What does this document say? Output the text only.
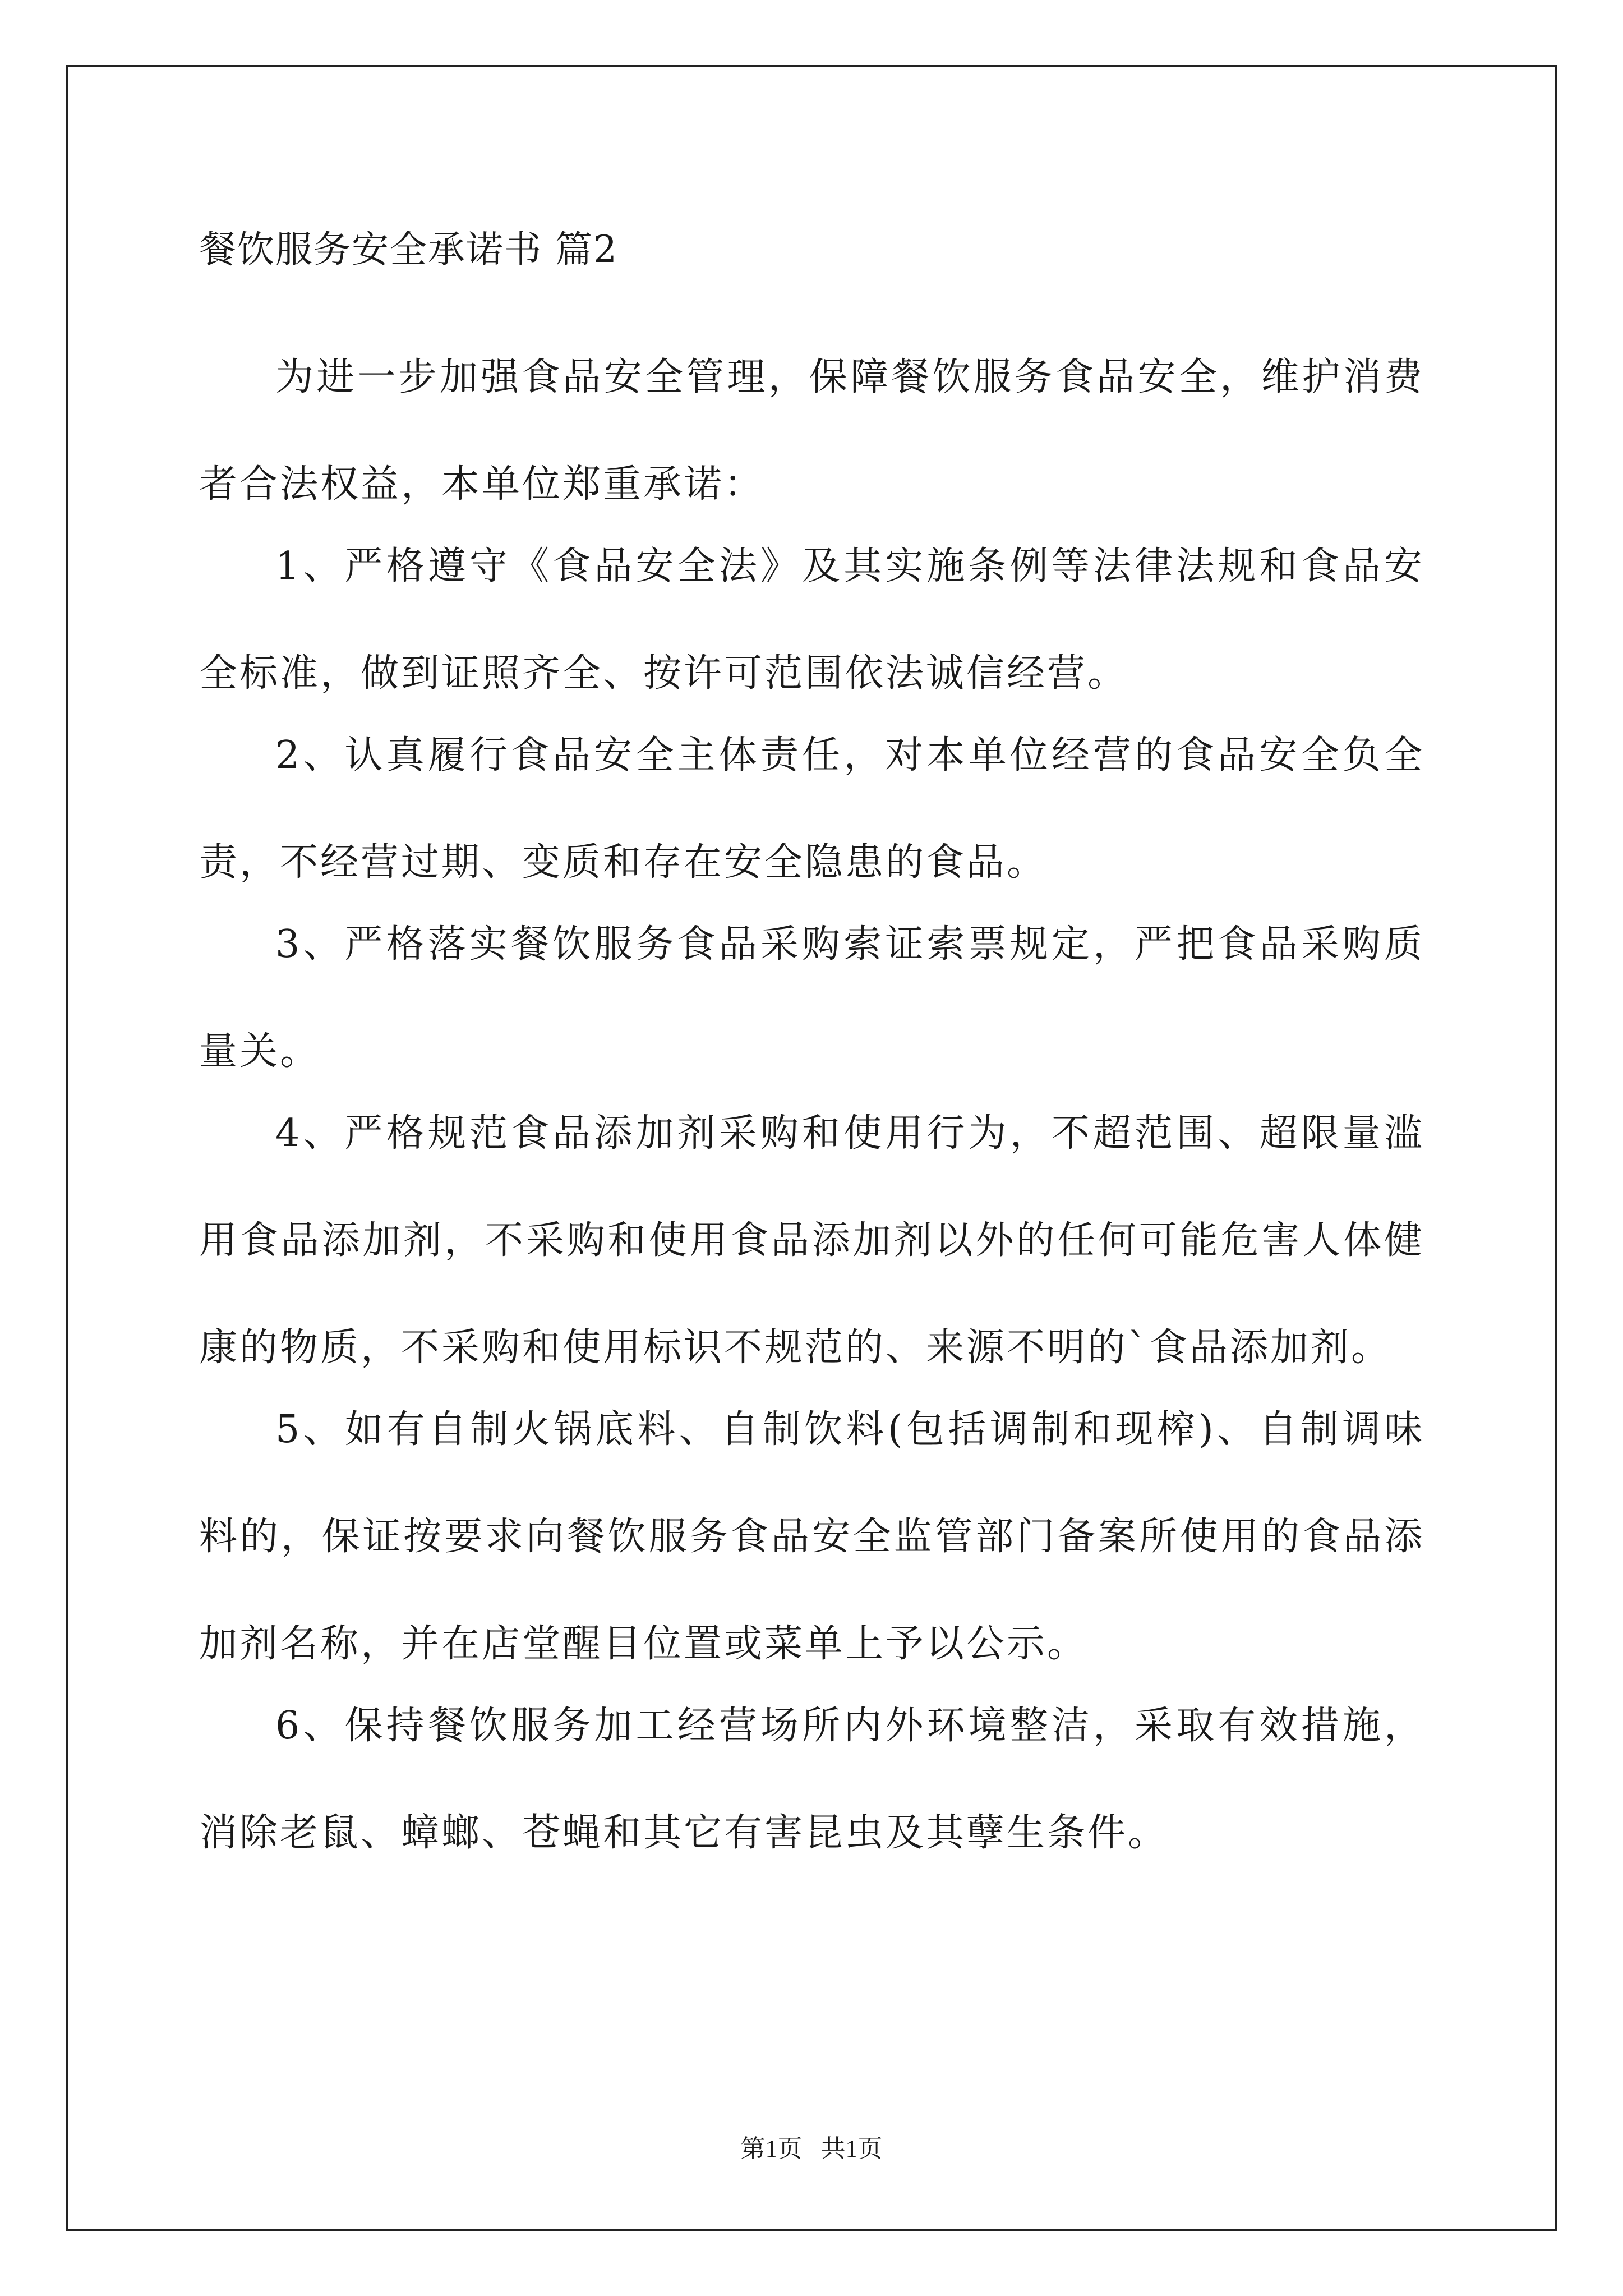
餐饮服务安全承诺书 篇2

为进一步加强食品安全管理，保障餐饮服务食品安全，维护消费者合法权益，本单位郑重承诺：

1、严格遵守《食品安全法》及其实施条例等法律法规和食品安全标准，做到证照齐全、按许可范围依法诚信经营。

2、认真履行食品安全主体责任，对本单位经营的食品安全负全责，不经营过期、变质和存在安全隐患的食品。

3、严格落实餐饮服务食品采购索证索票规定，严把食品采购质量关。

4、严格规范食品添加剂采购和使用行为，不超范围、超限量滥用食品添加剂，不采购和使用食品添加剂以外的任何可能危害人体健康的物质，不采购和使用标识不规范的、来源不明的`食品添加剂。

5、如有自制火锅底料、自制饮料(包括调制和现榨)、自制调味料的，保证按要求向餐饮服务食品安全监管部门备案所使用的食品添加剂名称，并在店堂醒目位置或菜单上予以公示。

6、保持餐饮服务加工经营场所内外环境整洁，采取有效措施，消除老鼠、蟑螂、苍蝇和其它有害昆虫及其孽生条件。

第1页   共1页
